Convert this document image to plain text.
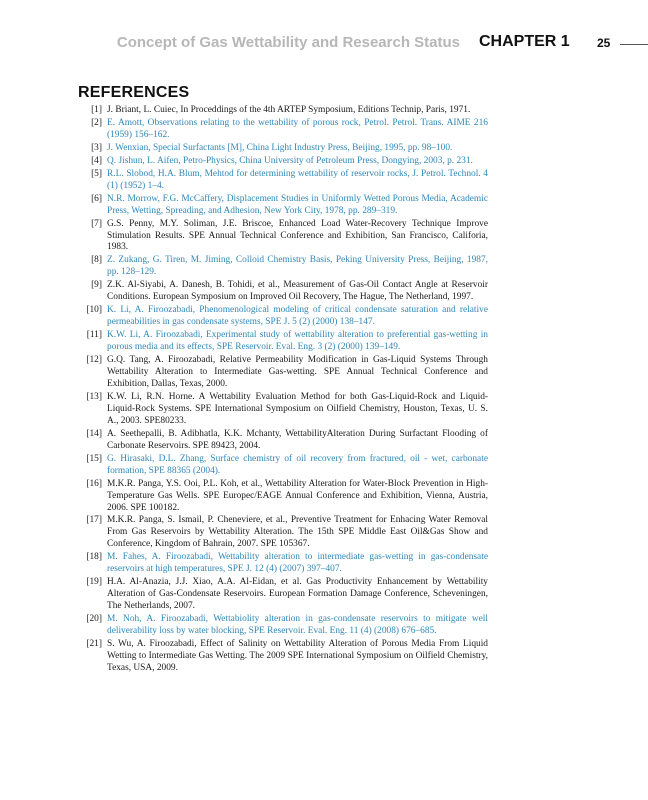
Concept of Gas Wettability and Research Status CHAPTER 1 25
REFERENCES
[1] J. Briant, L. Cuiec, In Proceddings of the 4th ARTEP Symposium, Editions Technip, Paris, 1971.
[2] E. Amott, Observations relating to the wettability of porous rock, Petrol. Petrol. Trans. AIME 216 (1959) 156–162.
[3] J. Wenxian, Special Surfactants [M], China Light Industry Press, Beijing, 1995, pp. 98–100.
[4] Q. Jishun, L. Aifen, Petro-Physics, China University of Petroleum Press, Dongying, 2003, p. 231.
[5] R.L. Slobod, H.A. Blum, Mehtod for determining wettability of reservoir rocks, J. Petrol. Technol. 4 (1) (1952) 1–4.
[6] N.R. Morrow, F.G. McCaffery, Displacement Studies in Uniformly Wetted Porous Media, Academic Press, Wetting, Spreading, and Adhesion, New York City, 1978, pp. 289–319.
[7] G.S. Penny, M.Y. Soliman, J.E. Briscoe, Enhanced Load Water-Recovery Technique Improve Stimulation Results. SPE Annual Technical Conference and Exhibition, San Francisco, Califoria, 1983.
[8] Z. Zukang, G. Tiren, M. Jiming, Colloid Chemistry Basis, Peking University Press, Beijing, 1987, pp. 128–129.
[9] Z.K. Al-Siyabi, A. Danesh, B. Tohidi, et al., Measurement of Gas-Oil Contact Angle at Reservoir Conditions. European Symposium on Improved Oil Recovery, The Hague, The Netherland, 1997.
[10] K. Li, A. Firoozabadi, Phenomenological modeling of critical condensate saturation and relative permeabilities in gas condensate systems, SPE J. 5 (2) (2000) 138–147.
[11] K.W. Li, A. Firoozabadi, Experimental study of wettability alteration to preferential gas-wetting in porous media and its effects, SPE Reservoir. Eval. Eng. 3 (2) (2000) 139–149.
[12] G.Q. Tang, A. Firoozabadi, Relative Permeability Modification in Gas-Liquid Systems Through Wettability Alteration to Intermediate Gas-wetting. SPE Annual Technical Conference and Exhibition, Dallas, Texas, 2000.
[13] K.W. Li, R.N. Horne. A Wettability Evaluation Method for both Gas-Liquid-Rock and Liquid-Liquid-Rock Systems. SPE International Symposium on Oilfield Chemistry, Houston, Texas, U. S. A., 2003. SPE80233.
[14] A. Seethepalli, B. Adibhatla, K.K. Mchanty, WettabilityAlteration During Surfactant Flooding of Carbonate Reservoirs. SPE 89423, 2004.
[15] G. Hirasaki, D.L. Zhang, Surface chemistry of oil recovery from fractured, oil - wet, carbonate formation, SPE 88365 (2004).
[16] M.K.R. Panga, Y.S. Ooi, P.L. Koh, et al., Wettability Alteration for Water-Block Prevention in High-Temperature Gas Wells. SPE Europec/EAGE Annual Conference and Exhibition, Vienna, Austria, 2006. SPE 100182.
[17] M.K.R. Panga, S. Ismail, P. Cheneviere, et al., Preventive Treatment for Enhacing Water Removal From Gas Reservoirs by Wettability Alteration. The 15th SPE Middle East Oil&Gas Show and Conference, Kingdom of Bahrain, 2007. SPE 105367.
[18] M. Fahes, A. Firoozabadi, Wettability alteration to intermediate gas-wetting in gas-condensate reservoirs at high temperatures, SPE J. 12 (4) (2007) 397–407.
[19] H.A. Al-Anazia, J.J. Xiao, A.A. Al-Eidan, et al. Gas Productivity Enhancement by Wettability Alteration of Gas-Condensate Reservoirs. European Formation Damage Conference, Scheveningen, The Netherlands, 2007.
[20] M. Noh, A. Firoozabadi, Wettabiolity alteration in gas-condensate reservoirs to mitigate well deliverability loss by water blocking, SPE Reservoir. Eval. Eng. 11 (4) (2008) 676–685.
[21] S. Wu, A. Firoozabadi, Effect of Salinity on Wettability Alteration of Porous Media From Liquid Wetting to Intermediate Gas Wetting. The 2009 SPE International Symposium on Oilfield Chemistry, Texas, USA, 2009.
